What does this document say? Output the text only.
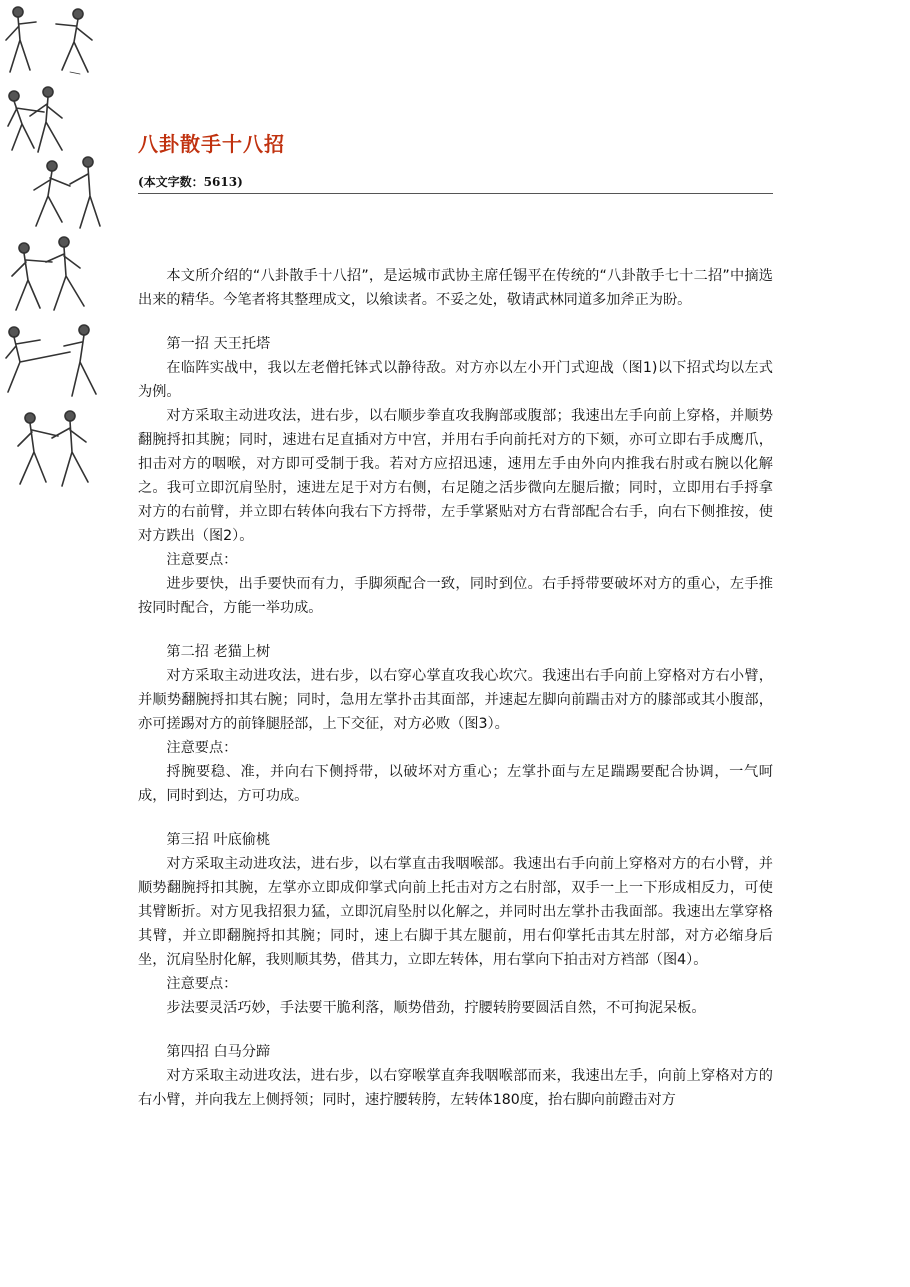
八卦散手十八招
(本文字数：5613)

本文所介绍的“八卦散手十八招”，是运城市武协主席任锡平在传统的“八卦散手七十二招”中摘选出来的精华。今笔者将其整理成文，以飨读者。不妥之处，敬请武林同道多加斧正为盼。

第一招 天王托塔

在临阵实战中，我以左老僧托钵式以静待敌。对方亦以左小开门式迎战（图1)以下招式均以左式为例。

对方采取主动进攻法，进右步，以右顺步拳直攻我胸部或腹部；我速出左手向前上穿格，并顺势翻腕捋扣其腕；同时，速进右足直插对方中宫，并用右手向前托对方的下颏，亦可立即右手成鹰爪，扣击对方的咽喉，对方即可受制于我。若对方应招迅速，速用左手由外向内推我右肘或右腕以化解之。我可立即沉肩坠肘，速进左足于对方右侧，右足随之活步微向左腿后撤；同时，立即用右手捋拿对方的右前臂，并立即右转体向我右下方捋带，左手掌紧贴对方右背部配合右手，向右下侧推按，使对方跌出（图2）。

注意要点：

进步要快，出手要快而有力，手脚须配合一致，同时到位。右手捋带要破坏对方的重心，左手推按同时配合，方能一举功成。

第二招 老猫上树

对方采取主动进攻法，进右步，以右穿心掌直攻我心坎穴。我速出右手向前上穿格对方右小臂，并顺势翻腕捋扣其右腕；同时，急用左掌扑击其面部，并速起左脚向前踹击对方的膝部或其小腹部，亦可搓踢对方的前锋腿胫部，上下交征，对方必败（图3）。

注意要点：

捋腕要稳、准，并向右下侧捋带，以破坏对方重心；左掌扑面与左足踹踢要配合协调，一气呵成，同时到达，方可功成。

第三招 叶底偷桃

对方采取主动进攻法，进右步，以右掌直击我咽喉部。我速出右手向前上穿格对方的右小臂，并顺势翻腕捋扣其腕，左掌亦立即成仰掌式向前上托击对方之右肘部，双手一上一下形成相反力，可使其臂断折。对方见我招狠力猛，立即沉肩坠肘以化解之，并同时出左掌扑击我面部。我速出左掌穿格其臂，并立即翻腕捋扣其腕；同时，速上右脚于其左腿前，用右仰掌托击其左肘部，对方必缩身后坐，沉肩坠肘化解，我则顺其势，借其力，立即左转体，用右掌向下拍击对方裆部（图4）。

注意要点：

步法要灵活巧妙，手法要干脆利落，顺势借劲，拧腰转胯要圆活自然，不可拘泥呆板。

第四招 白马分蹄

对方采取主动进攻法，进右步，以右穿喉掌直奔我咽喉部而来，我速出左手，向前上穿格对方的右小臂，并向我左上侧捋领；同时，速拧腰转胯，左转体180度，抬右脚向前蹬击对方
